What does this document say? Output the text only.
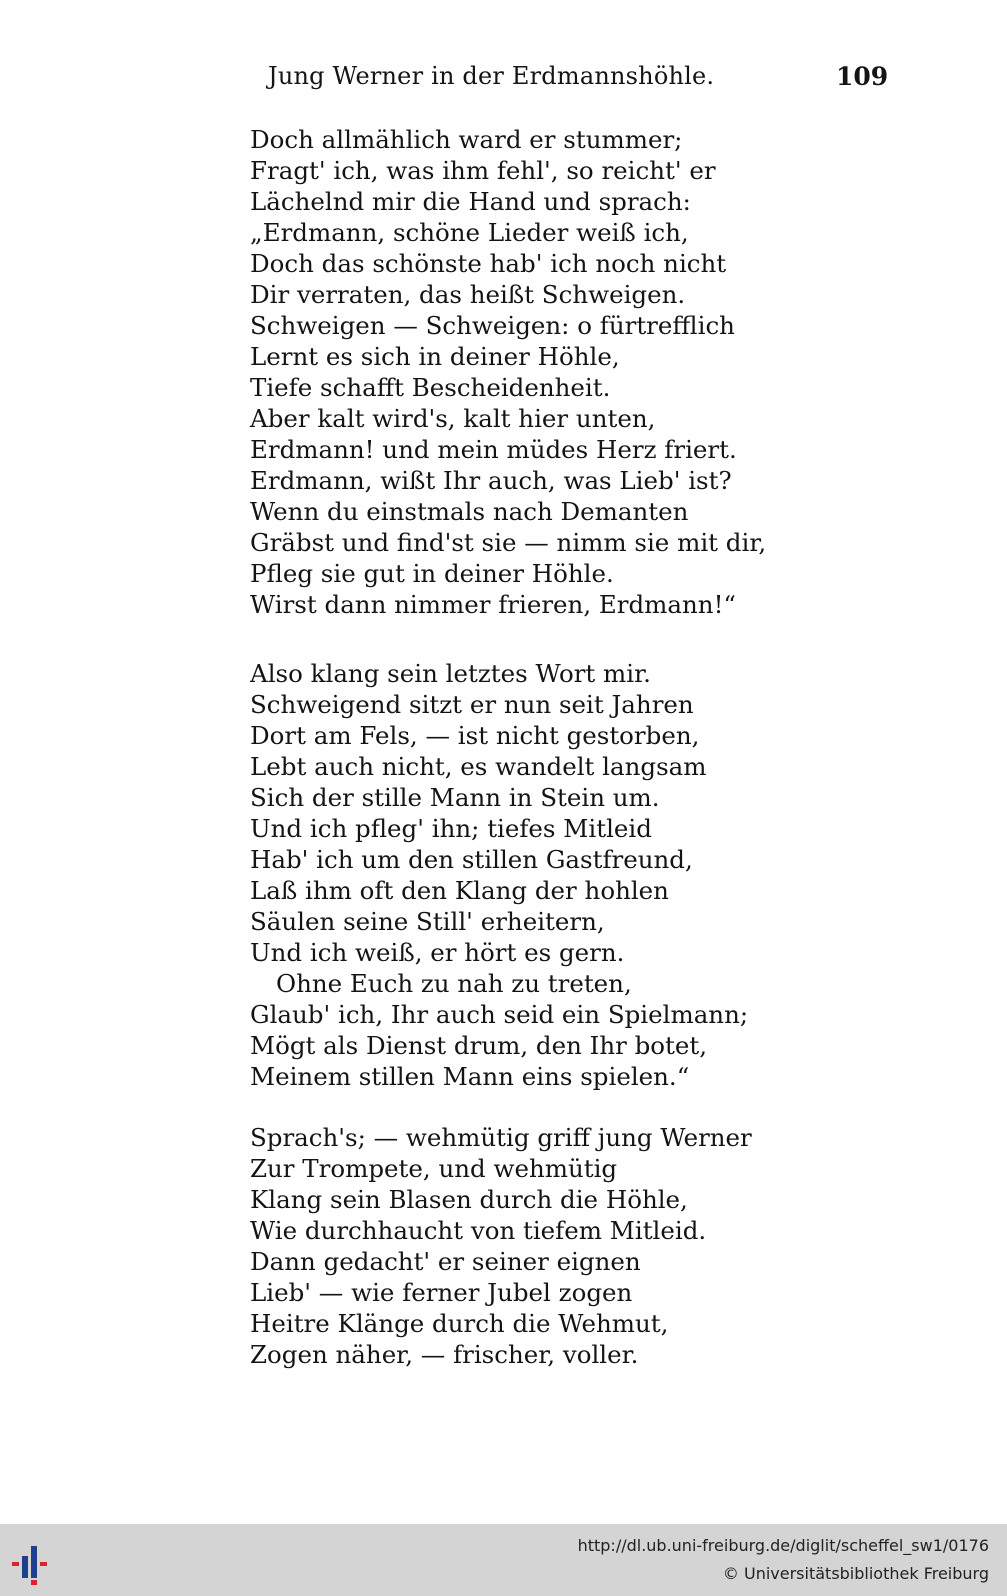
Jung Werner in der Erdmannshöhle.	109
Doch allmählich ward er stummer;
Fragt' ich, was ihm fehl', so reicht' er
Lächelnd mir die Hand und sprach:
„Erdmann, schöne Lieder weiß ich,
Doch das schönste hab' ich noch nicht
Dir verraten, das heißt Schweigen.
Schweigen — Schweigen: o fürtrefflich
Lernt es sich in deiner Höhle,
Tiefe schafft Bescheidenheit.
Aber kalt wird's, kalt hier unten,
Erdmann! und mein müdes Herz friert.
Erdmann, wißt Ihr auch, was Lieb' ist?
Wenn du einstmals nach Demanten
Gräbst und find'st sie — nimm sie mit dir,
Pfleg sie gut in deiner Höhle.
Wirst dann nimmer frieren, Erdmann!“
Also klang sein letztes Wort mir.
Schweigend sitzt er nun seit Jahren
Dort am Fels, — ist nicht gestorben,
Lebt auch nicht, es wandelt langsam
Sich der stille Mann in Stein um.
Und ich pfleg' ihn; tiefes Mitleid
Hab' ich um den stillen Gastfreund,
Laß ihm oft den Klang der hohlen
Säulen seine Still' erheitern,
Und ich weiß, er hört es gern.
Ohne Euch zu nah zu treten,
Glaub' ich, Ihr auch seid ein Spielmann;
Mögt als Dienst drum, den Ihr botet,
Meinem stillen Mann eins spielen.“
Sprach's; — wehmütig griff jung Werner
Zur Trompete, und wehmütig
Klang sein Blasen durch die Höhle,
Wie durchhaucht von tiefem Mitleid.
Dann gedacht' er seiner eignen
Lieb' — wie ferner Jubel zogen
Heitre Klänge durch die Wehmut,
Zogen näher, — frischer, voller.
http://dl.ub.uni-freiburg.de/diglit/scheffel_sw1/0176
© Universitätsbibliothek Freiburg
